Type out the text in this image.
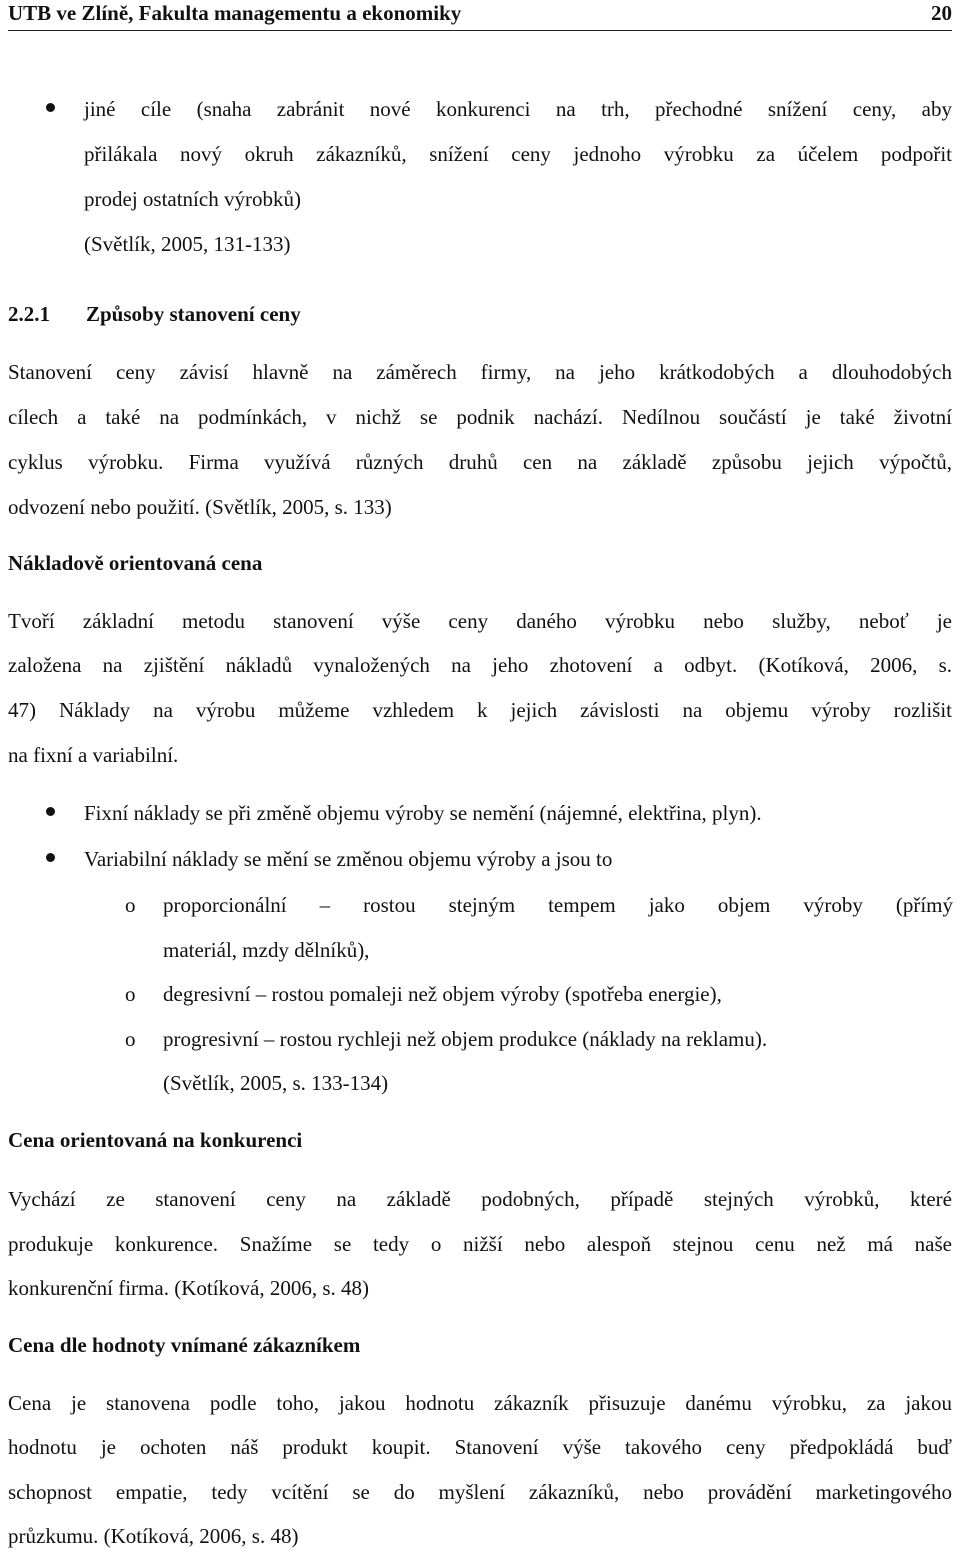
UTB ve Zlíně, Fakulta managementu a ekonomiky	20
jiné cíle (snaha zabránit nové konkurenci na trh, přechodné snížení ceny, aby
přilákala nový okruh zákazníků, snížení ceny jednoho výrobku za účelem podpořit
prodej ostatních výrobků)
(Světlík, 2005, 131-133)
2.2.1 Způsoby stanovení ceny
Stanovení ceny závisí hlavně na záměrech firmy, na jeho krátkodobých a dlouhodobých
cílech a také na podmínkách, v nichž se podnik nachází. Nedílnou součástí je také životní
cyklus výrobku. Firma využívá různých druhů cen na základě způsobu jejich výpočtů,
odvození nebo použití. (Světlík, 2005, s. 133)
Nákladově orientovaná cena
Tvoří základní metodu stanovení výše ceny daného výrobku nebo služby, neboť je
založena na zjištění nákladů vynaložených na jeho zhotovení a odbyt. (Kotíková, 2006, s.
47) Náklady na výrobu můžeme vzhledem k jejich závislosti na objemu výroby rozlišit
na fixní a variabilní.
Fixní náklady se při změně objemu výroby se nemění (nájemné, elektřina, plyn).
Variabilní náklady se mění se změnou objemu výroby a jsou to
o proporcionální – rostou stejným tempem jako objem výroby (přímý
materiál, mzdy dělníků),
o degresivní – rostou pomaleji než objem výroby (spotřeba energie),
o progresivní – rostou rychleji než objem produkce (náklady na reklamu).
(Světlík, 2005, s. 133-134)
Cena orientovaná na konkurenci
Vychází ze stanovení ceny na základě podobných, případě stejných výrobků, které
produkuje konkurence. Snažíme se tedy o nižší nebo alespoň stejnou cenu než má naše
konkurenční firma. (Kotíková, 2006, s. 48)
Cena dle hodnoty vnímané zákazníkem
Cena je stanovena podle toho, jakou hodnotu zákazník přisuzuje danému výrobku, za jakou
hodnotu je ochoten náš produkt koupit. Stanovení výše takového ceny předpokládá buď
schopnost empatie, tedy vcítění se do myšlení zákazníků, nebo provádění marketingového
průzkumu. (Kotíková, 2006, s. 48)
